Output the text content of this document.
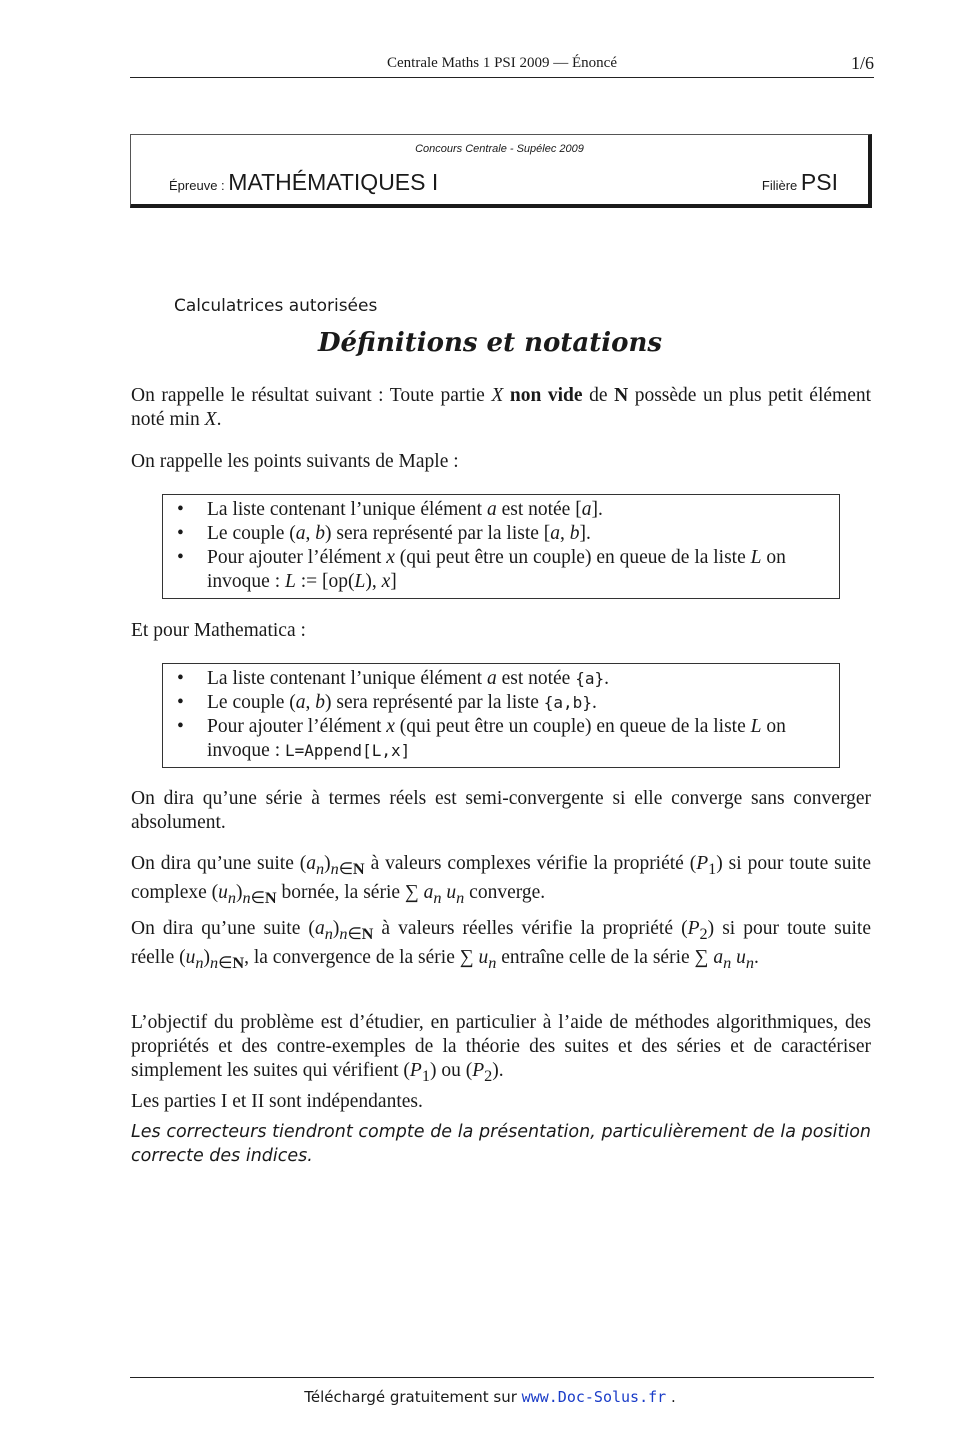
Centrale Maths 1 PSI 2009 — Énoncé	1/6
Concours Centrale - Supélec 2009
Épreuve : MATHÉMATIQUES I	Filière PSI
Calculatrices autorisées
Définitions et notations
On rappelle le résultat suivant : Toute partie X non vide de N possède un plus petit élément noté min X.
On rappelle les points suivants de Maple :
• La liste contenant l’unique élément a est notée [a].
• Le couple (a, b) sera représenté par la liste [a, b].
• Pour ajouter l’élément x (qui peut être un couple) en queue de la liste L on invoque : L := [op(L), x]
Et pour Mathematica :
• La liste contenant l’unique élément a est notée {a}.
• Le couple (a, b) sera représenté par la liste {a,b}.
• Pour ajouter l’élément x (qui peut être un couple) en queue de la liste L on invoque : L=Append[L,x]
On dira qu’une série à termes réels est semi-convergente si elle converge sans converger absolument.
On dira qu’une suite $(a_n)_{n\in N}$ à valeurs complexes vérifie la propriété $(P_1)$ si pour toute suite complexe $(u_n)_{n\in N}$ bornée, la série ∑ $a_n$ $u_n$ converge.
On dira qu’une suite $(a_n)_{n\in N}$ à valeurs réelles vérifie la propriété $(P_2)$ si pour toute suite réelle $(u_n)_{n\in N}$, la convergence de la série ∑ $u_n$ entraîne celle de la série ∑ $a_n$ $u_n$.
L’objectif du problème est d’étudier, en particulier à l’aide de méthodes algorithmiques, des propriétés et des contre-exemples de la théorie des suites et des séries et de caractériser simplement les suites qui vérifient $(P_1)$ ou $(P_2)$.
Les parties I et II sont indépendantes.
Les correcteurs tiendront compte de la présentation, particulièrement de la position correcte des indices.
Téléchargé gratuitement sur www.Doc-Solus.fr .
